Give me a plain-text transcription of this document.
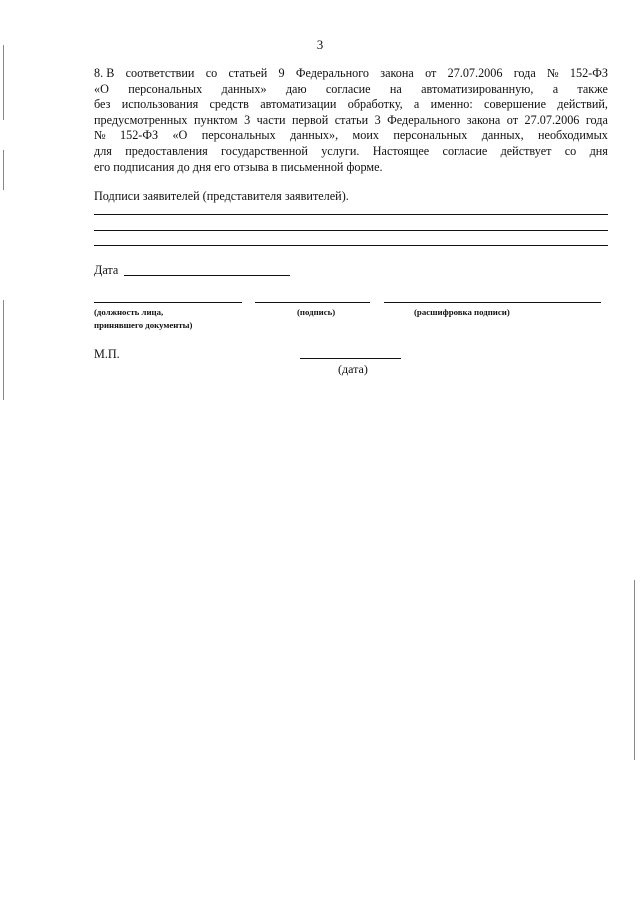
3
8. В соответствии со статьей 9 Федерального закона от 27.07.2006 года № 152-ФЗ
«О персональных данных» даю согласие на автоматизированную, а также
без использования средств автоматизации обработку, а именно: совершение действий,
предусмотренных пунктом 3 части первой статьи 3 Федерального закона от 27.07.2006 года
№ 152-ФЗ «О персональных данных», моих персональных данных, необходимых
для предоставления государственной услуги. Настоящее согласие действует со дня
его подписания до дня его отзыва в письменной форме.
Подписи заявителей (представителя заявителей).
Дата
(должность лица,
принявшего документы)
(подпись)	(расшифровка подписи)
М.П.
(дата)
